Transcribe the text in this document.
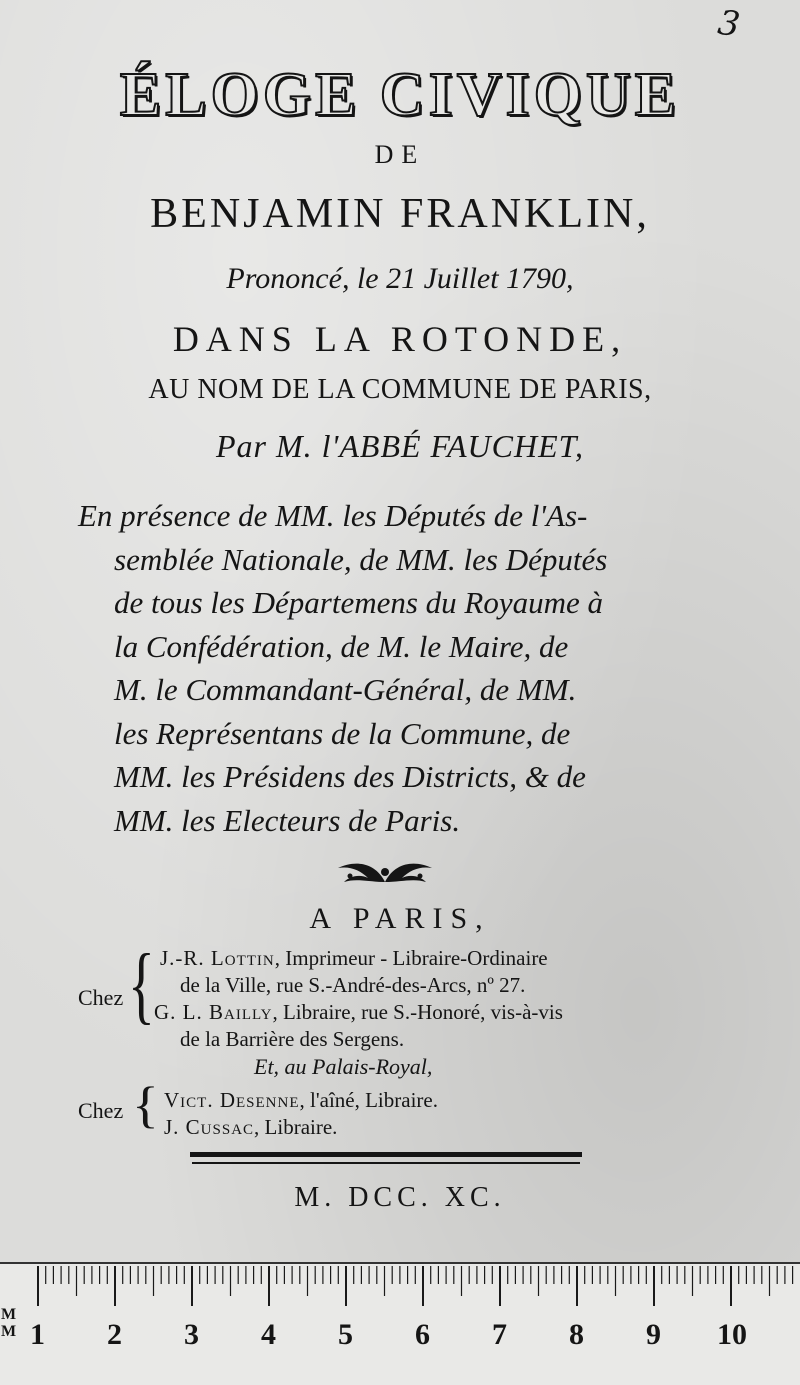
3
ÉLOGE CIVIQUE
DE
BENJAMIN FRANKLIN,
Prononcé, le 21 Juillet 1790,
DANS LA ROTONDE,
AU NOM DE LA COMMUNE DE PARIS,
Par M. l'ABBÉ FAUCHET,
En présence de MM. les Députés de l'As-
semblée Nationale, de MM. les Députés
de tous les Départemens du Royaume à
la Confédération, de M. le Maire, de
M. le Commandant-Général, de MM.
les Représentans de la Commune, de
MM. les Présidens des Districts, & de
MM. les Electeurs de Paris.
A PARIS,
Chez { J.-R. Lottin, Imprimeur - Libraire-Ordinaire
de la Ville, rue S.-André-des-Arcs, nº 27.
G. L. Bailly, Libraire, rue S.-Honoré, vis-à-vis
de la Barrière des Sergens.
Et, au Palais-Royal,
Chez { Vict. Desenne, l'aîné, Libraire.
J. Cussac, Libraire.
M. DCC. XC.
MM 1 2 3 4 5 6 7 8 9 10
